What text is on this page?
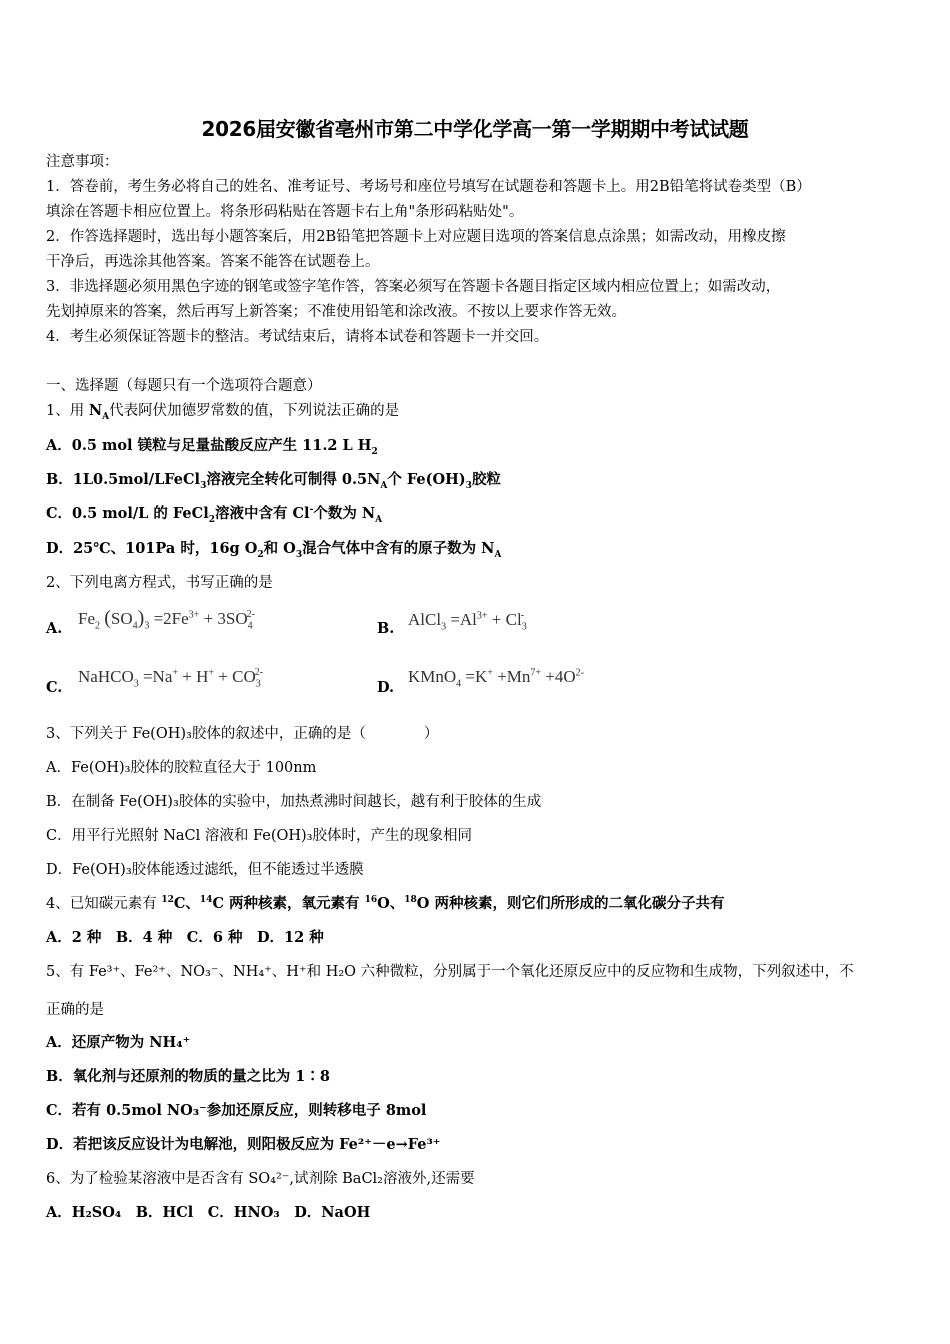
2026届安徽省亳州市第二中学化学高一第一学期期中考试试题
注意事项：
1．答卷前，考生务必将自己的姓名、准考证号、考场号和座位号填写在试题卷和答题卡上。用2B铅笔将试卷类型（B）
填涂在答题卡相应位置上。将条形码粘贴在答题卡右上角"条形码粘贴处"。
2．作答选择题时，选出每小题答案后，用2B铅笔把答题卡上对应题目选项的答案信息点涂黑；如需改动，用橡皮擦
干净后，再选涂其他答案。答案不能答在试题卷上。
3．非选择题必须用黑色字迹的钢笔或签字笔作答，答案必须写在答题卡各题目指定区域内相应位置上；如需改动，
先划掉原来的答案，然后再写上新答案；不准使用铅笔和涂改液。不按以上要求作答无效。
4．考生必须保证答题卡的整洁。考试结束后，请将本试卷和答题卡一并交回。
一、选择题（每题只有一个选项符合题意）
1、用 $N_A$代表阿伏加德罗常数的值，下列说法正确的是
A．0.5 mol 镁粒与足量盐酸反应产生 11.2 L $H_2$
B．1L0.5mol/LFeCl$_3$溶液完全转化可制得 $0.5N_A$个 $Fe(OH)_3$胶粒
C．0.5 mol/L 的 FeCl$_2$溶液中含有 Cl-个数为 $N_A$
D．25℃、101Pa 时，16g $O_2$和 $O_3$混合气体中含有的原子数为 $N_A$
2、下列电离方程式，书写正确的是
A.
$Fe_2$ $(SO_4)_3 =2Fe^{3+} + 3SO_4^{2-}$
B. AlCl$_3$ $=Al^{3+} + Cl_3^-$
C.
NaHCO$_3$ $=Na^+ + H^+ + CO_3^{2-}$
D.
KMnO$_4$ $=K^+ +Mn^{7+} +4O^{2-}$
3、下列关于 Fe(OH)₃胶体的叙述中，正确的是（　　　　）
A．Fe(OH)₃胶体的胶粒直径大于 100nm
B．在制备 Fe(OH)₃胶体的实验中，加热煮沸时间越长，越有利于胶体的生成
C．用平行光照射 NaCl 溶液和 Fe(OH)₃胶体时，产生的现象相同
D．Fe(OH)₃胶体能透过滤纸，但不能透过半透膜
4、已知碳元素有 $^{12}$C、$^{14}$C 两种核素，氧元素有 $^{16}$O、$^{18}$O 两种核素，则它们所形成的二氧化碳分子共有
A．2 种　B．4 种　C．6 种　D．12 种
5、有 Fe³⁺、Fe²⁺、NO₃⁻、NH₄⁺、H⁺和 H₂O 六种微粒，分别属于一个氧化还原反应中的反应物和生成物，下列叙述中，不
正确的是
A．还原产物为 NH₄⁺
B．氧化剂与还原剂的物质的量之比为 1∶8
C．若有 0.5mol NO₃⁻参加还原反应，则转移电子 8mol
D．若把该反应设计为电解池，则阳极反应为 Fe²⁺－e→Fe³⁺
6、为了检验某溶液中是否含有 SO₄²⁻,试剂除 BaCl₂溶液外,还需要
A．H₂SO₄　B．HCl　C．HNO₃　D．NaOH
